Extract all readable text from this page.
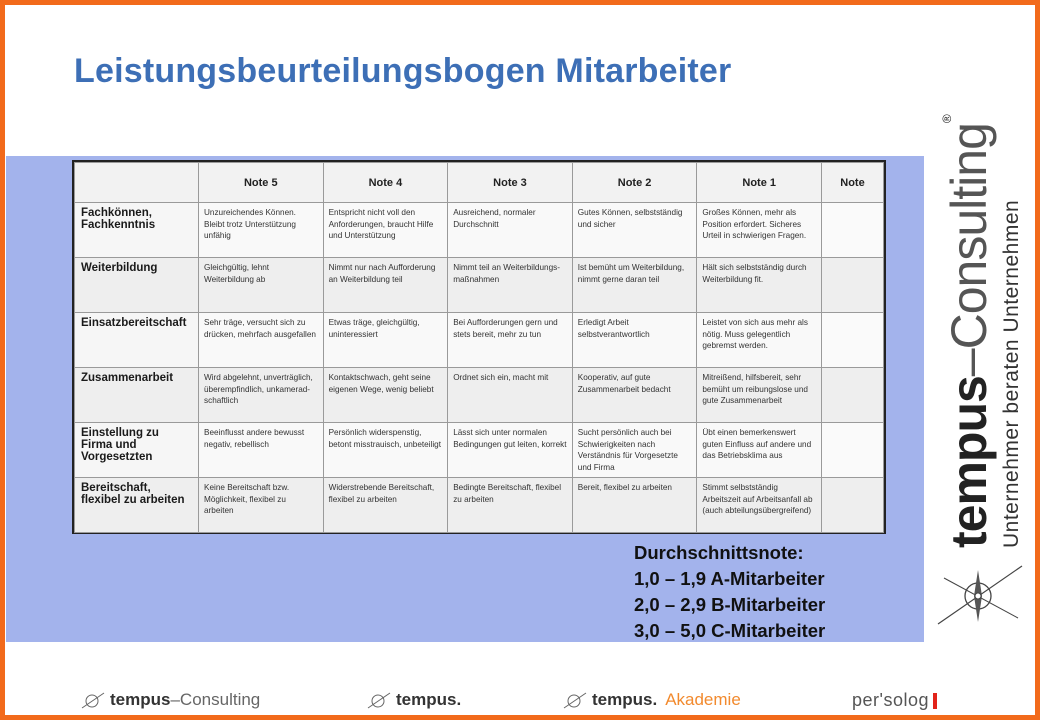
Leistungsbeurteilungsbogen Mitarbeiter
	Note 5	Note 4	Note 3	Note 2	Note 1	Note
Fachkönnen, Fachkenntnis	Unzureichendes Können. Bleibt trotz Unterstützung unfähig	Entspricht nicht voll den Anforderungen, braucht Hilfe und Unterstützung	Ausreichend, normaler Durchschnitt	Gutes Können, selbstständig und sicher	Großes Können, mehr als Position erfordert. Sicheres Urteil in schwierigen Fragen.	
Weiterbildung	Gleichgültig, lehnt Weiterbildung ab	Nimmt nur nach Aufforderung an Weiterbildung teil	Nimmt teil an Weiterbildungs-maßnahmen	Ist bemüht um Weiterbildung, nimmt gerne daran teil	Hält sich selbstständig durch Weiterbildung fit.	
Einsatzbereitschaft	Sehr träge, versucht sich zu drücken, mehrfach ausgefallen	Etwas träge, gleichgültig, uninteressiert	Bei Aufforderungen gern und stets bereit, mehr zu tun	Erledigt Arbeit selbstverantwortlich	Leistet von sich aus mehr als nötig. Muss gelegentlich gebremst werden.	
Zusammenarbeit	Wird abgelehnt, unverträglich, überempfindlich, unkamerad-schaftlich	Kontaktschwach, geht seine eigenen Wege, wenig beliebt	Ordnet sich ein, macht mit	Kooperativ, auf gute Zusammenarbeit bedacht	Mitreißend, hilfsbereit, sehr bemüht um reibungslose und gute Zusammenarbeit	
Einstellung zu Firma und Vorgesetzten	Beeinflusst andere bewusst negativ, rebellisch	Persönlich widerspenstig, betont misstrauisch, unbeteiligt	Lässt sich unter normalen Bedingungen gut leiten, korrekt	Sucht persönlich auch bei Schwierigkeiten nach Verständnis für Vorgesetzte und Firma	Übt einen bemerkenswert guten Einfluss auf andere und das Betriebsklima aus	
Bereitschaft, flexibel zu arbeiten	Keine Bereitschaft bzw. Möglichkeit, flexibel zu arbeiten	Widerstrebende Bereitschaft, flexibel zu arbeiten	Bedingte Bereitschaft, flexibel zu arbeiten	Bereit, flexibel zu arbeiten	Stimmt selbstständig Arbeitszeit auf Arbeitsanfall ab (auch abteilungsübergreifend)	
Durchschnittsnote:
1,0 – 1,9 A-Mitarbeiter
2,0 – 2,9 B-Mitarbeiter
3,0 – 5,0 C-Mitarbeiter
tempus–Consulting®
Unternehmer beraten Unternehmen
tempus–Consulting	tempus.	tempus. Akademie	per'solog
